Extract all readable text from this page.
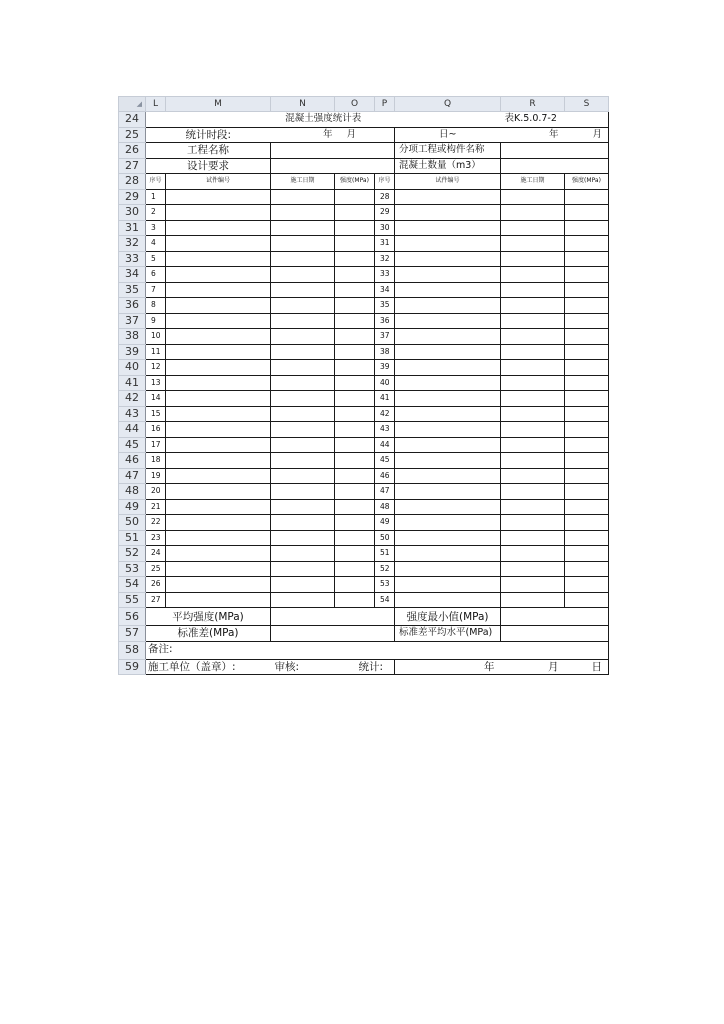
◢	L	M	N	O	P	Q	R	S
24	混凝土强度统计表						表K.5.0.7-2	
25	统计时段:		年	月		日~	年	月
26	工程名称					分项工程或构件名称		
27	设计要求					混凝土数量（m3）		
28	序号	试件编号	施工日期	强度(MPa)	序号	试件编号	施工日期	强度(MPa)
29	1				28			
30	2				29			
31	3				30			
32	4				31			
33	5				32			
34	6				33			
35	7				34			
36	8				35			
37	9				36			
38	10				37			
39	11				38			
40	12				39			
41	13				40			
42	14				41			
43	15				42			
44	16				43			
45	17				44			
46	18				45			
47	19				46			
48	20				47			
49	21				48			
50	22				49			
51	23				50			
52	24				51			
53	25				52			
54	26				53			
55	27				54			
56	平均强度(MPa)					强度最小值(MPa)		
57	标准差(MPa)					标准差平均水平(MPa)		
58	备注:							
59	施工单位（盖章）:		审核:	统计:		年	月	日
